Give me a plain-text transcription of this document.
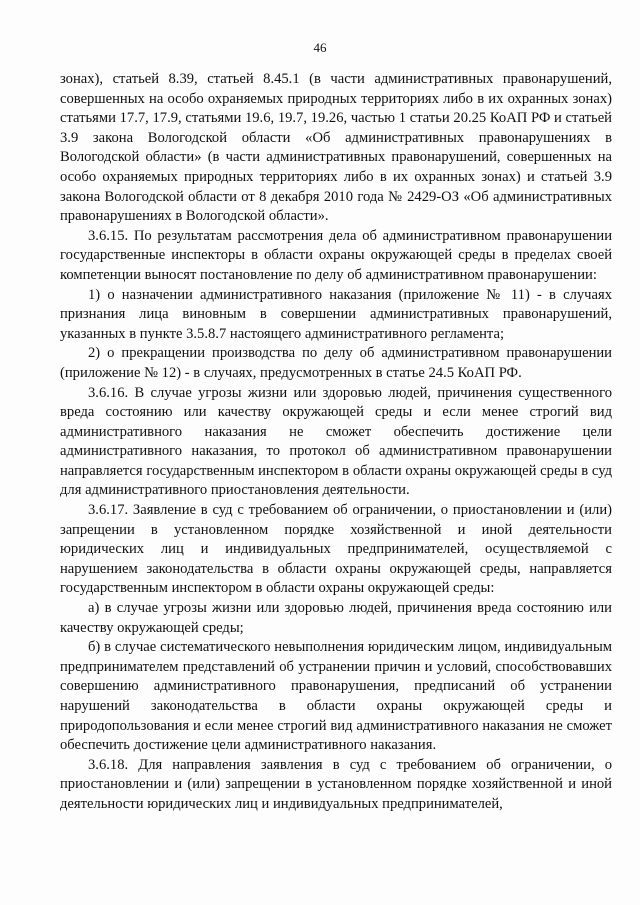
46

зонах), статьей 8.39, статьей 8.45.1 (в части административных правонарушений, совершенных на особо охраняемых природных территориях либо в их охранных зонах) статьями 17.7, 17.9, статьями 19.6, 19.7, 19.26, частью 1 статьи 20.25 КоАП РФ и статьей 3.9 закона Вологодской области «Об административных правонарушениях в Вологодской области» (в части административных правонарушений, совершенных на особо охраняемых природных территориях либо в их охранных зонах) и статьей 3.9 закона Вологодской области от 8 декабря 2010 года № 2429-ОЗ «Об административных правонарушениях в Вологодской области».

3.6.15. По результатам рассмотрения дела об административном правонарушении государственные инспекторы в области охраны окружающей среды в пределах своей компетенции выносят постановление по делу об административном правонарушении:

1) о назначении административного наказания (приложение № 11) - в случаях признания лица виновным в совершении административных правонарушений, указанных в пункте 3.5.8.7 настоящего административного регламента;

2) о прекращении производства по делу об административном правонарушении (приложение № 12) - в случаях, предусмотренных в статье 24.5 КоАП РФ.

3.6.16. В случае угрозы жизни или здоровью людей, причинения существенного вреда состоянию или качеству окружающей среды и если менее строгий вид административного наказания не сможет обеспечить достижение цели административного наказания, то протокол об административном правонарушении направляется государственным инспектором в области охраны окружающей среды в суд для административного приостановления деятельности.

3.6.17. Заявление в суд с требованием об ограничении, о приостановлении и (или) запрещении в установленном порядке хозяйственной и иной деятельности юридических лиц и индивидуальных предпринимателей, осуществляемой с нарушением законодательства в области охраны окружающей среды, направляется государственным инспектором в области охраны окружающей среды:

а) в случае угрозы жизни или здоровью людей, причинения вреда состоянию или качеству окружающей среды;

б) в случае систематического невыполнения юридическим лицом, индивидуальным предпринимателем представлений об устранении причин и условий, способствовавших совершению административного правонарушения, предписаний об устранении нарушений законодательства в области охраны окружающей среды и природопользования и если менее строгий вид административного наказания не сможет обеспечить достижение цели административного наказания.

3.6.18. Для направления заявления в суд с требованием об ограничении, о приостановлении и (или) запрещении в установленном порядке хозяйственной и иной деятельности юридических лиц и индивидуальных предпринимателей,
